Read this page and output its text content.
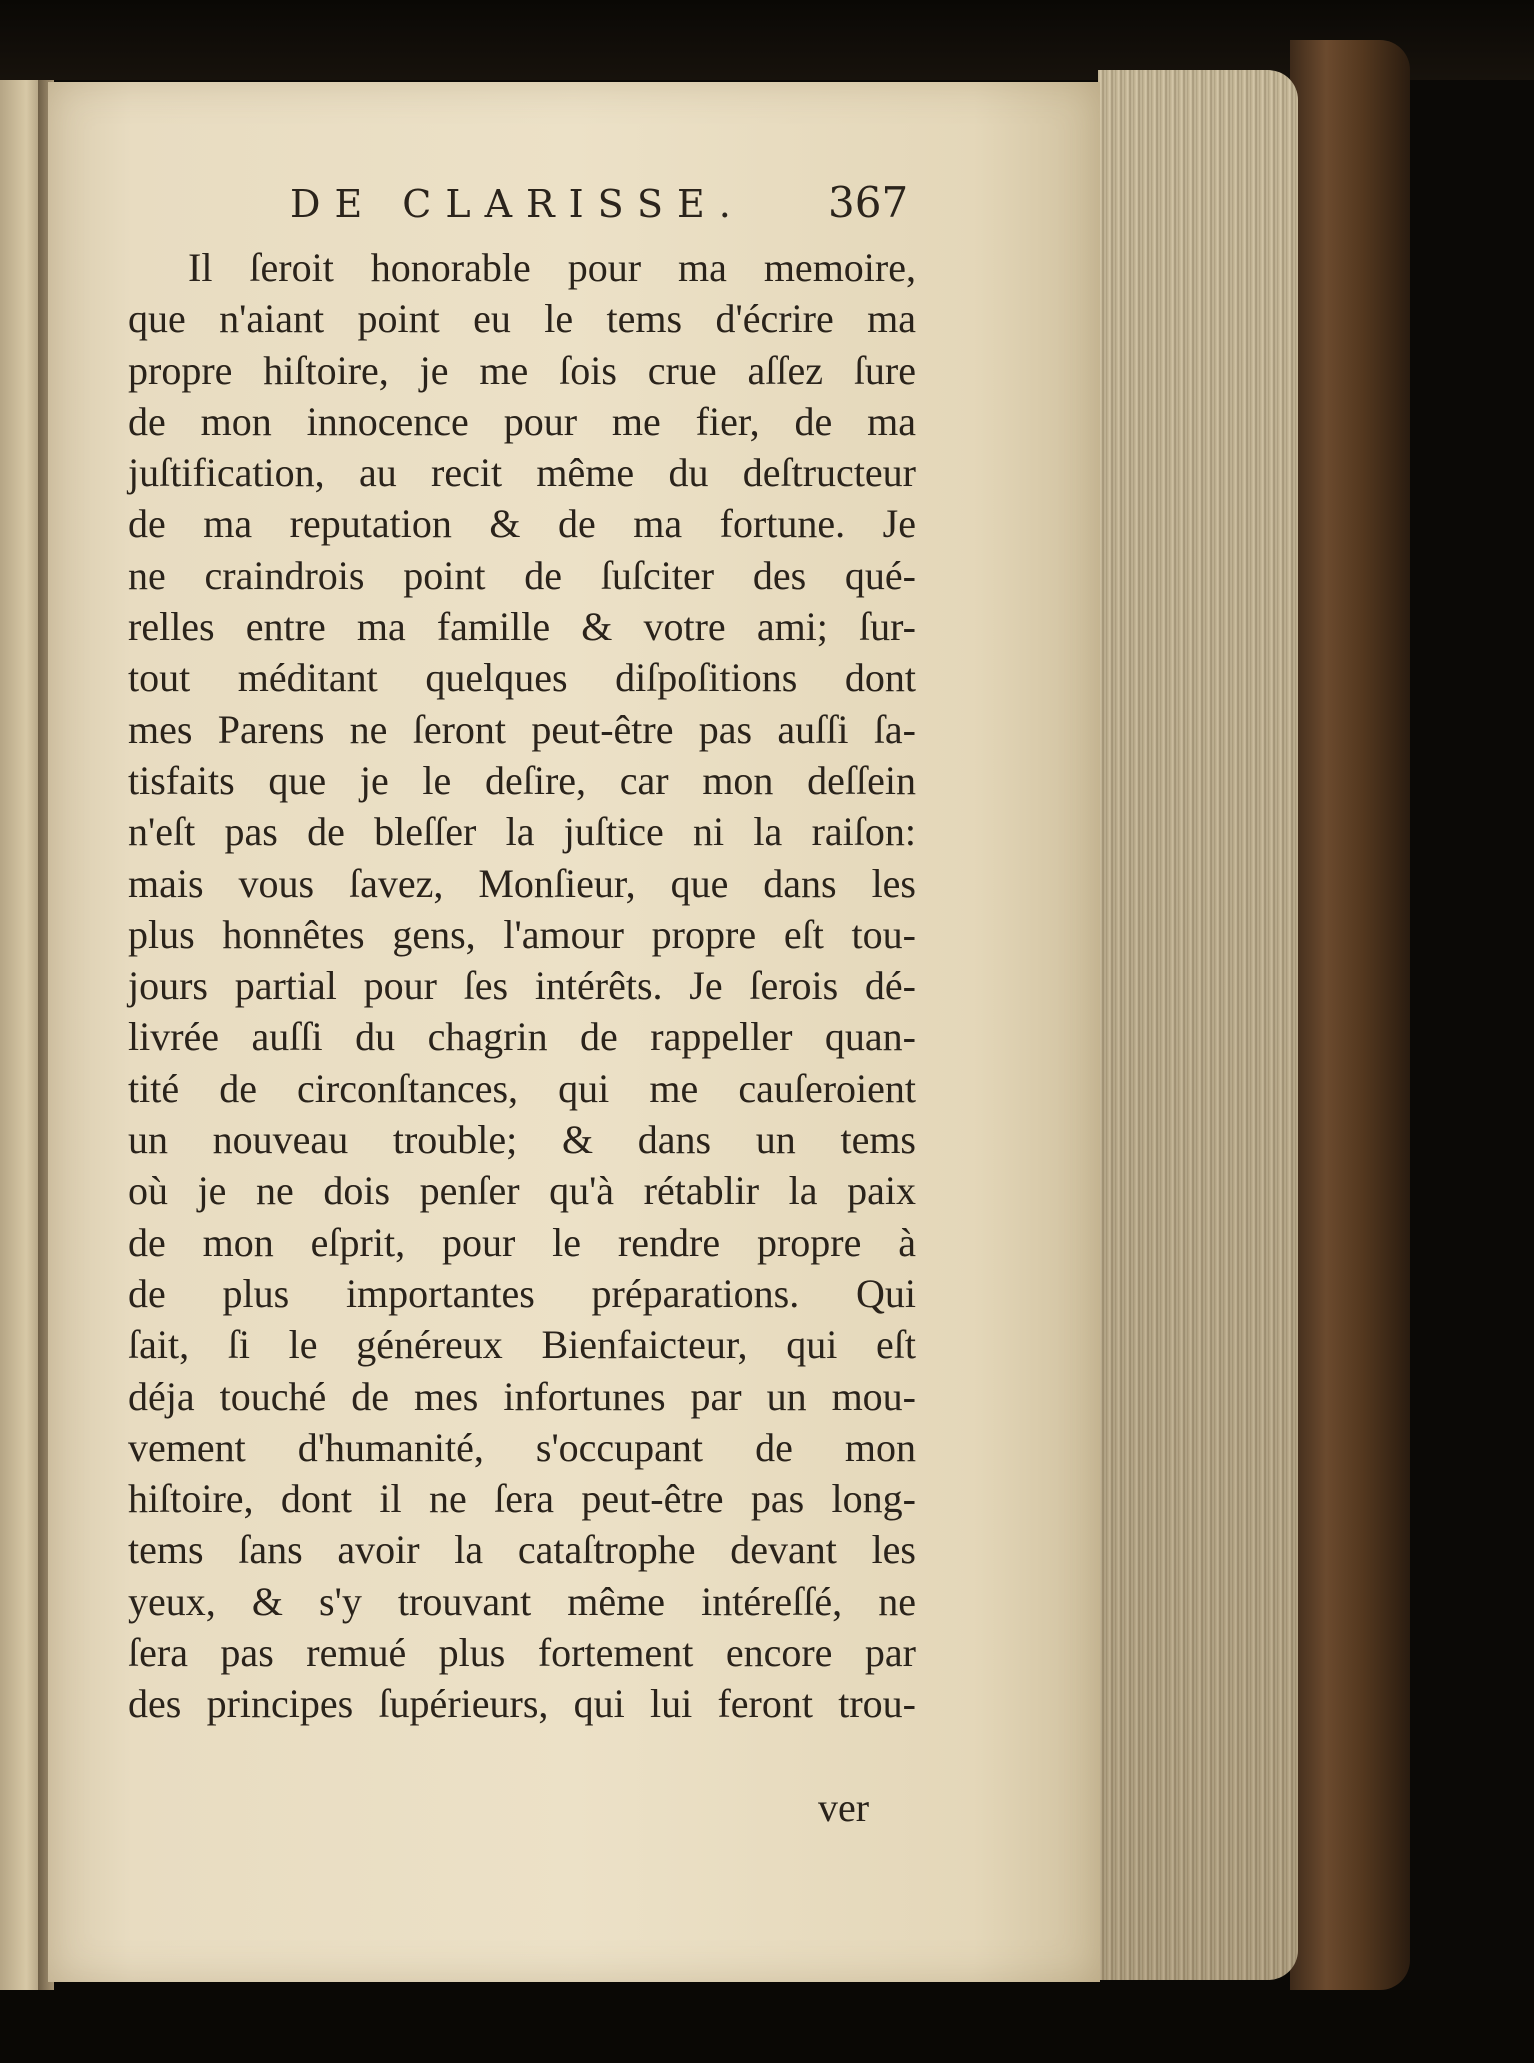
DE CLARISSE. 367
Il ſeroit honorable pour ma memoire,
que n'aiant point eu le tems d'écrire ma
propre hiſtoire, je me ſois crue aſſez ſure
de mon innocence pour me fier, de ma
juſtification, au recit même du deſtructeur
de ma reputation & de ma fortune. Je
ne craindrois point de ſuſciter des qué-
relles entre ma famille & votre ami; ſur-
tout méditant quelques diſpoſitions dont
mes Parens ne ſeront peut-être pas auſſi ſa-
tisfaits que je le deſire, car mon deſſein
n'eſt pas de bleſſer la juſtice ni la raiſon:
mais vous ſavez, Monſieur, que dans les
plus honnêtes gens, l'amour propre eſt tou-
jours partial pour ſes intérêts. Je ſerois dé-
livrée auſſi du chagrin de rappeller quan-
tité de circonſtances, qui me cauſeroient
un nouveau trouble; & dans un tems
où je ne dois penſer qu'à rétablir la paix
de mon eſprit, pour le rendre propre à
de plus importantes préparations. Qui
ſait, ſi le généreux Bienfaicteur, qui eſt
déja touché de mes infortunes par un mou-
vement d'humanité, s'occupant de mon
hiſtoire, dont il ne ſera peut-être pas long-
tems ſans avoir la cataſtrophe devant les
yeux, & s'y trouvant même intéreſſé, ne
ſera pas remué plus fortement encore par
des principes ſupérieurs, qui lui feront trou-
ver
